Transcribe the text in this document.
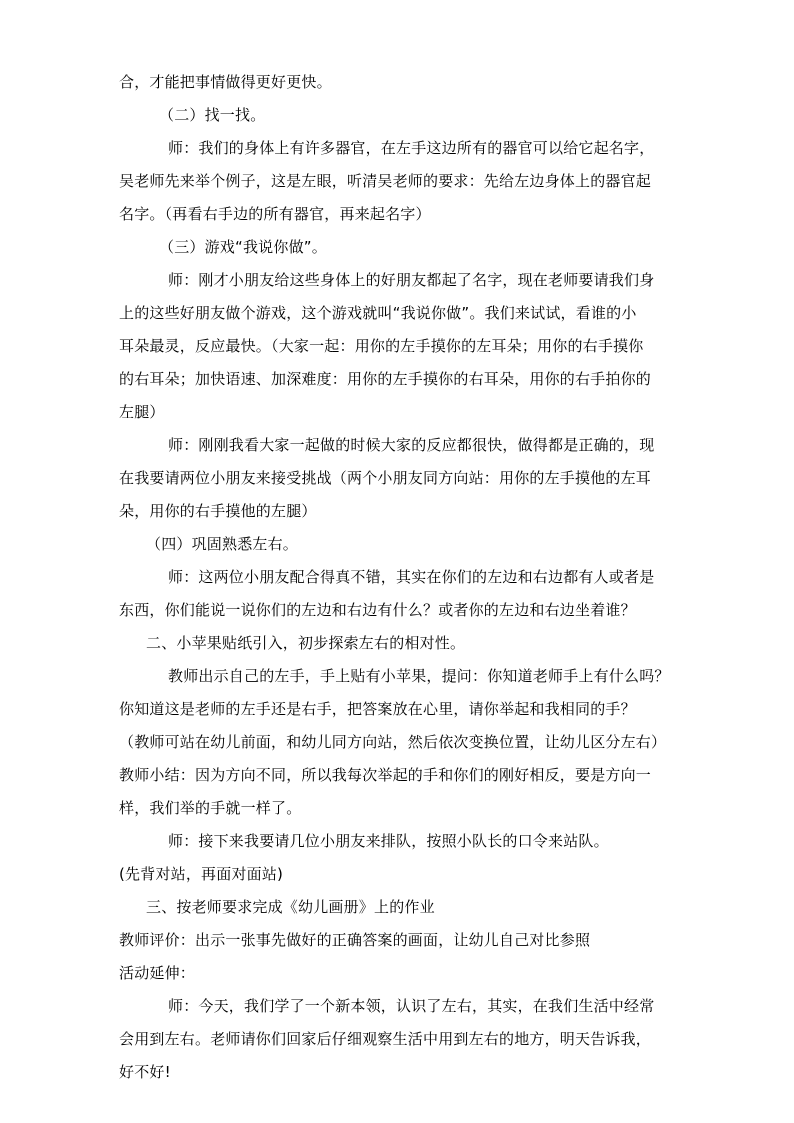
合，才能把事情做得更好更快。
（二）找一找。
师：我们的身体上有许多器官，在左手这边所有的器官可以给它起名字，
吴老师先来举个例子，这是左眼，听清吴老师的要求：先给左边身体上的器官起
名字。（再看右手边的所有器官，再来起名字）
（三）游戏“我说你做”。
师：刚才小朋友给这些身体上的好朋友都起了名字，现在老师要请我们身
上的这些好朋友做个游戏，这个游戏就叫“我说你做”。我们来试试，看谁的小
耳朵最灵，反应最快。（大家一起：用你的左手摸你的左耳朵；用你的右手摸你
的右耳朵；加快语速、加深难度：用你的左手摸你的右耳朵，用你的右手拍你的
左腿）
师：刚刚我看大家一起做的时候大家的反应都很快，做得都是正确的，现
在我要请两位小朋友来接受挑战（两个小朋友同方向站：用你的左手摸他的左耳
朵，用你的右手摸他的左腿）
（四）巩固熟悉左右。
师：这两位小朋友配合得真不错，其实在你们的左边和右边都有人或者是
东西，你们能说一说你们的左边和右边有什么？或者你的左边和右边坐着谁？
二、小苹果贴纸引入，初步探索左右的相对性。
教师出示自己的左手，手上贴有小苹果，提问：你知道老师手上有什么吗？
你知道这是老师的左手还是右手，把答案放在心里，请你举起和我相同的手？
（教师可站在幼儿前面，和幼儿同方向站，然后依次变换位置，让幼儿区分左右）
教师小结：因为方向不同，所以我每次举起的手和你们的刚好相反，要是方向一
样，我们举的手就一样了。
师：接下来我要请几位小朋友来排队，按照小队长的口令来站队。
(先背对站，再面对面站)
三、按老师要求完成《幼儿画册》上的作业
教师评价：出示一张事先做好的正确答案的画面，让幼儿自己对比参照
活动延伸：
师：今天，我们学了一个新本领，认识了左右，其实，在我们生活中经常
会用到左右。老师请你们回家后仔细观察生活中用到左右的地方，明天告诉我，
好不好!
